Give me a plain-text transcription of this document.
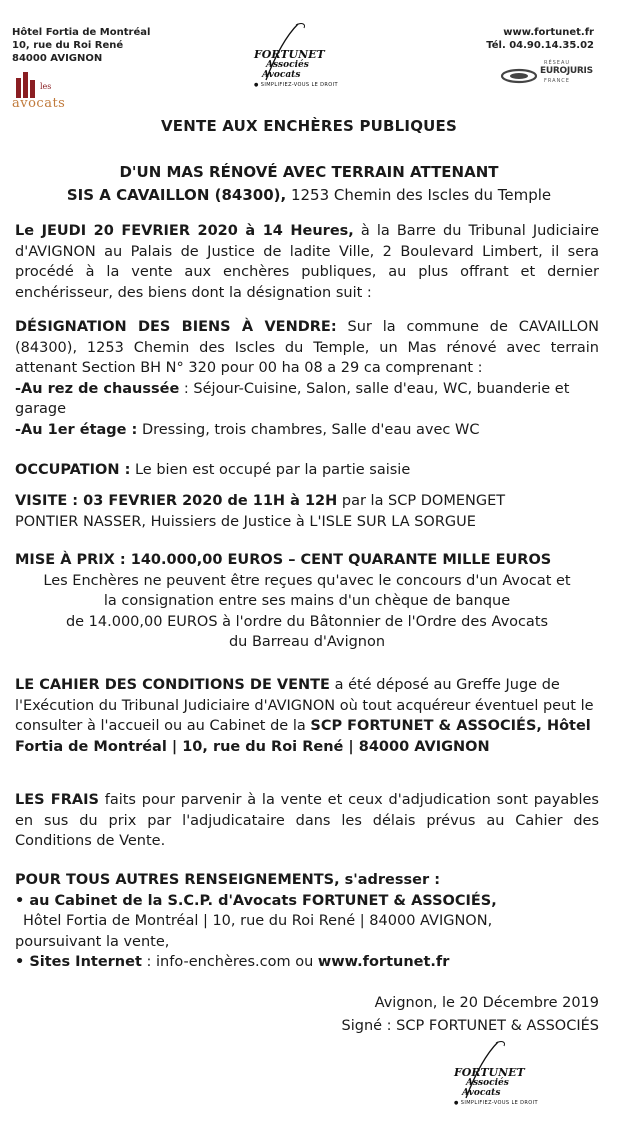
Hôtel Fortia de Montréal
10, rue du Roi René
84000 AVIGNON
les
avocats
FORTUNET
Associés
Avocats
● SIMPLIFIEZ-VOUS LE DROIT
www.fortunet.fr
Tél. 04.90.14.35.02
RÉSEAU
EUROJURIS
FRANCE
VENTE AUX ENCHÈRES PUBLIQUES
D'UN MAS RÉNOVÉ AVEC TERRAIN ATTENANT
SIS A CAVAILLON (84300), 1253 Chemin des Iscles du Temple

Le JEUDI 20 FEVRIER 2020 à 14 Heures, à la Barre du Tribunal Judiciaire d'AVIGNON au Palais de Justice de ladite Ville, 2 Boulevard Limbert, il sera procédé à la vente aux enchères publiques, au plus offrant et dernier enchérisseur, des biens dont la désignation suit :

DÉSIGNATION DES BIENS À VENDRE: Sur la commune de CAVAILLON (84300), 1253 Chemin des Iscles du Temple, un Mas rénové avec terrain attenant Section BH N° 320 pour 00 ha 08 a 29 ca comprenant :

-Au rez de chaussée : Séjour-Cuisine, Salon, salle d'eau, WC, buanderie et garage

-Au 1er étage : Dressing, trois chambres, Salle d'eau avec WC

OCCUPATION : Le bien est occupé par la partie saisie

VISITE : 03 FEVRIER 2020 de 11H à 12H par la SCP DOMENGET PONTIER NASSER, Huissiers de Justice à L'ISLE SUR LA SORGUE

MISE À PRIX : 140.000,00 EUROS – CENT QUARANTE MILLE EUROS

Les Enchères ne peuvent être reçues qu'avec le concours d'un Avocat et

la consignation entre ses mains d'un chèque de banque

de 14.000,00 EUROS à l'ordre du Bâtonnier de l'Ordre des Avocats

du Barreau d'Avignon

LE CAHIER DES CONDITIONS DE VENTE a été déposé au Greffe Juge de l'Exécution du Tribunal Judiciaire d'AVIGNON où tout acquéreur éventuel peut le consulter à l'accueil ou au Cabinet de la SCP FORTUNET & ASSOCIÉS, Hôtel Fortia de Montréal | 10, rue du Roi René | 84000 AVIGNON

LES FRAIS faits pour parvenir à la vente et ceux d'adjudication sont payables en sus du prix par l'adjudicataire dans les délais prévus au Cahier des Conditions de Vente.

POUR TOUS AUTRES RENSEIGNEMENTS, s'adresser :

• au Cabinet de la S.C.P. d'Avocats FORTUNET & ASSOCIÉS,

Hôtel Fortia de Montréal | 10, rue du Roi René | 84000 AVIGNON,

poursuivant la vente,

• Sites Internet : info-enchères.com ou www.fortunet.fr

Avignon, le 20 Décembre 2019

Signé : SCP FORTUNET & ASSOCIÉS

FORTUNET
Associés
Avocats
● SIMPLIFIEZ-VOUS LE DROIT
